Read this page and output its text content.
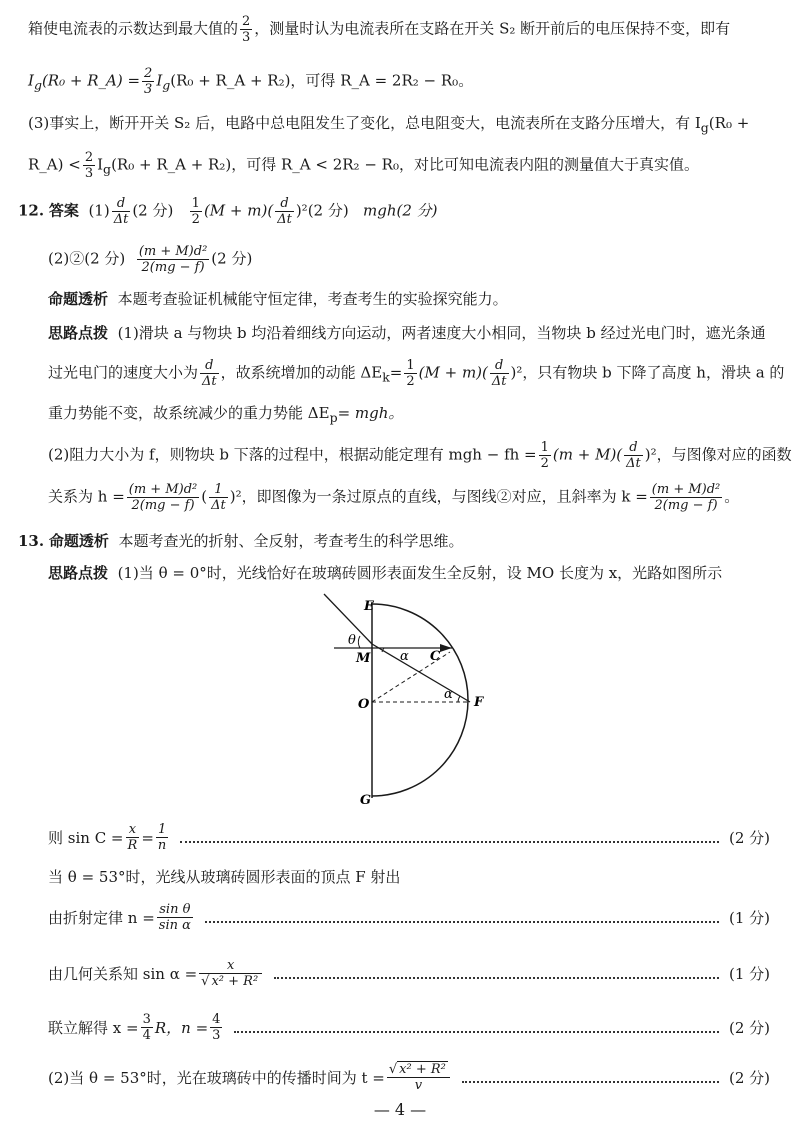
箱使电流表的示数达到最大值的 $\frac{2}{3}$ ，测量时认为电流表所在支路在开关 S₂ 断开前后的电压保持不变，即有
$I_g(R_0$ + R_A) = $\frac{2}{3} I_g(R_0$ + R_A + R₂)，可得 R_A = 2R₂ − R₀。
(3)事实上，断开开关 S₂ 后，电路中总电阻发生了变化，总电阻变大，电流表所在支路分压增大，有 $I_g(R_0$ +
R_A) < $\frac{2}{3} I_g(R_0$ + R_A + R₂)，可得 R_A < 2R₂ − R₀，对比可知电流表内阻的测量值大于真实值。
12. 答案 $(1) \frac{d}{\Delta t} (2$ 分) $\frac{1}{2} (M + m)( \frac{d}{\Delta t} )^2(2$ 分) mgh(2 分)
(2)②(2 分) $\frac{\text{(m + M)d²}}{2(mg - f)} (2$ 分)
命题透析 本题考查验证机械能守恒定律，考查考生的实验探究能力。
思路点拨 (1)滑块 a 与物块 b 均沿着细线方向运动，两者速度大小相同，当物块 b 经过光电门时，遮光条通
过光电门的速度大小为 $\frac{d}{\Delta t}$ ，故系统增加的动能 $\Delta E_k= \frac{1}{2} (M + m)( \frac{d}{\Delta t} )^2$，只有物块 b 下降了高度 h，滑块 a 的
重力势能不变，故系统减少的重力势能 $\Delta E_p=$ mgh。
(2)阻力大小为 f，则物块 b 下落的过程中，根据动能定理有 mgh − fh = $\frac{1}{2} (m + M)( \frac{d}{\Delta t} )^2$，与图像对应的函数
关系为 $h = \frac{\text{(m + M)d²}}{2(mg - f)}$ ( $\frac{1}{\Delta t} )^2$，即图像为一条过原点的直线，与图线②对应，且斜率为 $k = \frac{\text{(m + M)d²}}{2(mg - f)}$ 。
13. 命题透析 本题考查光的折射、全反射，考查考生的科学思维。
思路点拨 (1)当 θ = 0°时，光线恰好在玻璃砖圆形表面发生全反射，设 MO 长度为 x，光路如图所示
E
M
O
G
F
C
θ
α
α
则 $\sin C = \frac{x}{R} = \frac{1}{n}$	(2 分)
当 θ = 53°时，光线从玻璃砖圆形表面的顶点 F 射出
由折射定律 $n = \frac{\text{sin θ}}{\text{sin α}}$	(1 分)
由几何关系知 $\sin \alpha = \frac{x}{\text{√ x² + R²}}$	(1 分)
联立解得 $x = \frac{3}{4}$ R，$n = \frac{4}{3}$	(2 分)
(2)当 θ = 53°时，光在玻璃砖中的传播时间为 $t = \frac{\text{√ x² + R²}}{v}$	(2 分)
— 4 —
